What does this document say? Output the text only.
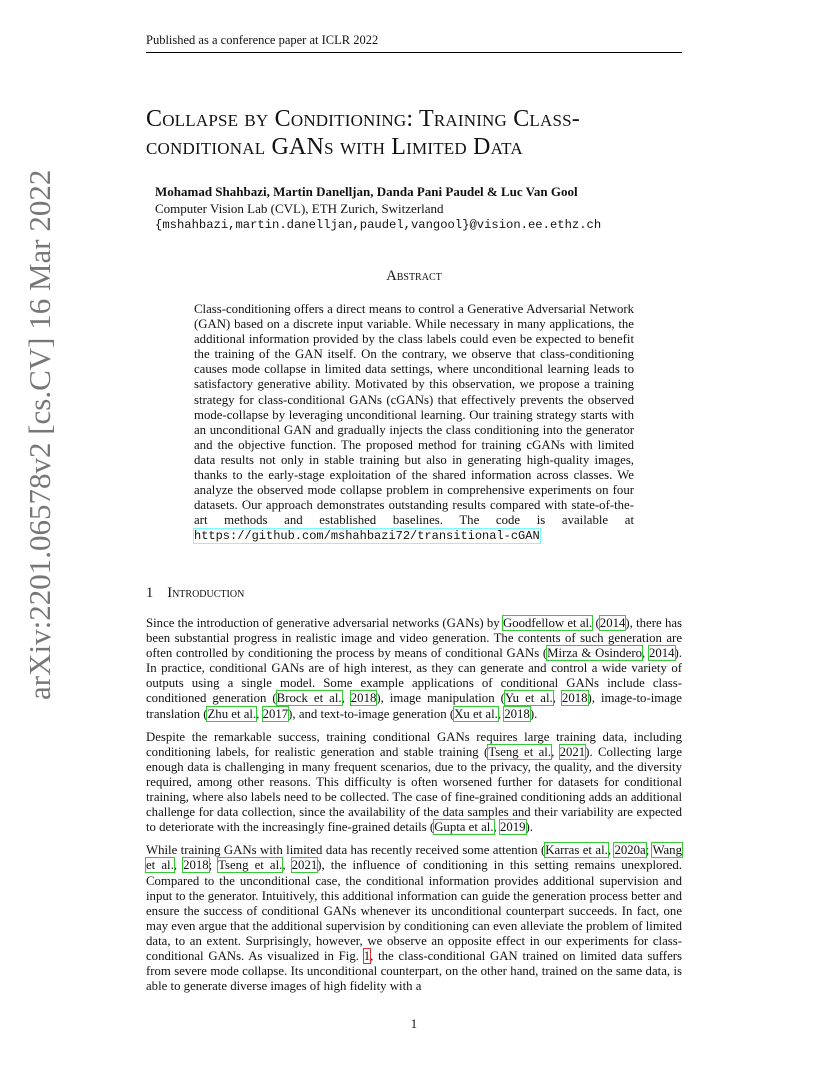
Published as a conference paper at ICLR 2022
Collapse by Conditioning: Training Class-
conditional GANs with Limited Data
Mohamad Shahbazi, Martin Danelljan, Danda Pani Paudel & Luc Van Gool
Computer Vision Lab (CVL), ETH Zurich, Switzerland
{mshahbazi,martin.danelljan,paudel,vangool}@vision.ee.ethz.ch
Abstract
Class-conditioning offers a direct means to control a Generative Adversarial Network (GAN) based on a discrete input variable. While necessary in many applications, the additional information provided by the class labels could even be expected to benefit the training of the GAN itself. On the contrary, we observe that class-conditioning causes mode collapse in limited data settings, where unconditional learning leads to satisfactory generative ability. Motivated by this observation, we propose a training strategy for class-conditional GANs (cGANs) that effectively prevents the observed mode-collapse by leveraging unconditional learning. Our training strategy starts with an unconditional GAN and gradually injects the class conditioning into the generator and the objective function. The proposed method for training cGANs with limited data results not only in stable training but also in generating high-quality images, thanks to the early-stage exploitation of the shared information across classes. We analyze the observed mode collapse problem in comprehensive experiments on four datasets. Our approach demonstrates outstanding results compared with state-of-the-art methods and established baselines. The code is available at https://github.com/mshahbazi72/transitional-cGAN
1 Introduction

Since the introduction of generative adversarial networks (GANs) by Goodfellow et al. (2014), there has been substantial progress in realistic image and video generation. The contents of such generation are often controlled by conditioning the process by means of conditional GANs (Mirza & Osindero, 2014). In practice, conditional GANs are of high interest, as they can generate and control a wide variety of outputs using a single model. Some example applications of conditional GANs include class-conditioned generation (Brock et al., 2018), image manipulation (Yu et al., 2018), image-to-image translation (Zhu et al., 2017), and text-to-image generation (Xu et al., 2018).

Despite the remarkable success, training conditional GANs requires large training data, including conditioning labels, for realistic generation and stable training (Tseng et al., 2021). Collecting large enough data is challenging in many frequent scenarios, due to the privacy, the quality, and the diversity required, among other reasons. This difficulty is often worsened further for datasets for conditional training, where also labels need to be collected. The case of fine-grained conditioning adds an additional challenge for data collection, since the availability of the data samples and their variability are expected to deteriorate with the increasingly fine-grained details (Gupta et al., 2019).

While training GANs with limited data has recently received some attention (Karras et al., 2020a; Wang et al., 2018; Tseng et al., 2021), the influence of conditioning in this setting remains unexplored. Compared to the unconditional case, the conditional information provides additional supervision and input to the generator. Intuitively, this additional information can guide the generation process better and ensure the success of conditional GANs whenever its unconditional counterpart succeeds. In fact, one may even argue that the additional supervision by conditioning can even alleviate the problem of limited data, to an extent. Surprisingly, however, we observe an opposite effect in our experiments for class-conditional GANs. As visualized in Fig. 1, the class-conditional GAN trained on limited data suffers from severe mode collapse. Its unconditional counterpart, on the other hand, trained on the same data, is able to generate diverse images of high fidelity with a

arXiv:2201.06578v2 [cs.CV] 16 Mar 2022
1
